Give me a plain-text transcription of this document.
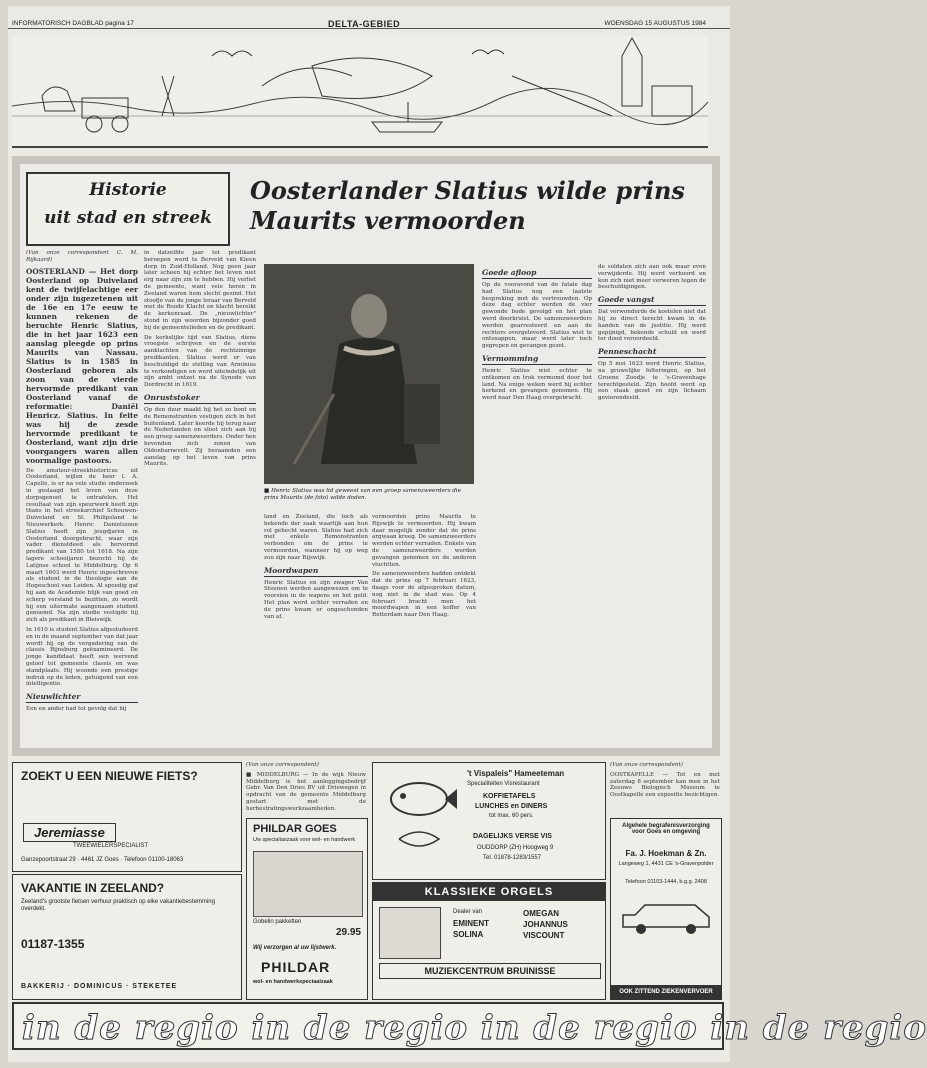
INFORMATORISCH DAGBLAD pagina 17	DELTA-GEBIED	WOENSDAG 15 AUGUSTUS 1984
Historie
uit stad en streek
Oosterlander Slatius wilde prins Maurits vermoorden

(Van onze correspondent C. M. Rijkaard)

OOSTERLAND — Het dorp Oosterland op Duiveland kent de twijfelachtige eer onder zijn ingezetenen uit de 16e en 17e eeuw te kunnen rekenen de beruchte Henric Slatius, die in het jaar 1623 een aanslag pleegde op prins Maurits van Nassau. Slatius is in 1585 in Oosterland geboren als zoon van de vierde hervormde predikant van Oosterland vanaf de reformatie: Daniël Henricz. Slatius. In feite was hij de zesde hervormde predikant te Oosterland, want zijn drie voorgangers waren allen voormalige pastoors.

De amateur-streekhistoricus uit Oosterland, wijlen de heer I. A. Capelle, is er na vele studie onderzoek in geslaagd het leven van deze dorpsgenoot te ontrafelen. Het resultaat van zijn speurwerk heeft zijn thans in het streekarchief Schouwen-Duiveland en St. Philipsland te Nieuwerkerk. Henric Danielszoon Slatius heeft zijn jeugdjaren in Oosterland doorgebracht, waar zijn vader dienstdeed als hervormd predikant van 1580 tot 1618. Na zijn lagere schooljaren bezocht hij de Latijnse school te Middelburg. Op 6 maart 1603 werd Henric ingeschreven als student in de theologie aan de Hogeschool van Leiden. Al spoedig gaf hij aan de Academie blijk van goed en scherp verstand te bezitten, zo wordt hij een uitermate aangenaam student genoemd. Na zijn studie vestigde hij zich als predikant in Bleiswijk.

In 1610 is student Slatius afgestudeerd en in de maand september van dat jaar wordt hij op de vergadering van de classis Rijnsburg geëxamineerd. De jonge kandidaat heeft een wervend geloof tot gemeente classis en was standplaats. Hij woonde een prestige indruk op de leden, getuigend van een intelligentie.

Nieuwlichter

Een en ander had tot gevolg dat hij

in datzelfde jaar tot predikant beroepen werd te Berveld van Kleen dorp in Zuid-Holland. Nog geen jaar later scheen hij echter het leven niet erg naar zijn zin te hebben. Hij verliet de gemeente, want vele heren in Zeeland waren hem slecht gezind. Het stoofje van de jonge leraar van Berveld met de Roode Klacht en klacht bereikt de kerkenraad. De „nieuwlichter" stond in zijn woorden bijzonder goed bij de gemeentelieden en de predikant.

De kerkelijke tijd van Slatius, diens vroegste schrijven en de eerste aanklachten van de rechtzinnige predikanten. Slatius werd er van beschuldigd de stelling van Arminius te verkondigen en werd uiteindelijk uit zijn ambt ontzet na de Synode van Dordrecht in 1619.

Onruststoker

Op den duur maakt hij het zo bont en de Remonstranten vestigen zich in het buitenland. Later keerde hij terug naar de Nederlanden en sloot zich aan bij een groep samenzweerders. Onder hen bevonden zich zonen van Oldenbarnevelt. Zij beraamden een aanslag op het leven van prins Maurits.

■ Henric Slatius was lid geweest van een groep samenzweerders die prins Maurits (de foto) wilde doden.

land en Zeeland, die toch als bekende der zaak waarlijk aan hun rol gehecht waren. Slatius had zich met enkele Remonstranten verbonden om de prins te vermoorden, wanneer hij op weg zou zijn naar Rijswijk.

Moordwapen

Henric Slatius en zijn zwager Van Steenen werden aangewezen om te voorzien in de wapens en het geld. Het plan werd echter verraden en de prins kwam er ongeschonden van af.

vermoorden prins Maurits te Rijswijk te vermoorden. Hij kwam daar mogelijk zonder dat de prins argwaan kreeg. De samenzweerders werden echter verraden. Enkele van de samenzweerders werden gevangen genomen en de anderen vluchtten.

De samenzweerders hadden ontdekt dat de prins op 7 februari 1623, daags voor de afgesproken datum, nog niet in de stad was. Op 4 februari bracht men het moordwapen in een koffer van Rotterdam naar Den Haag.

Goede afloop

Op de vooravond van de fatale dag had Slatius nog een laatste bespreking met de vertrouwden. Op deze dag echter werden de vier gewonde bode gevolgd en het plan werd doorkruist. De samenzweerders werden gearresteerd en aan de rechters overgeleverd. Slatius wist te ontsnappen, maar werd later toch gegrepen en gevangen gezet.

Vermomming

Henric Slatius wist echter te ontkomen en trok vermomd door het land. Na enige weken werd hij echter herkend en gevangen genomen. Hij werd naar Den Haag overgebracht.

de soldaten zich aan ook maar even verwijderde. Hij werd verhoord en kon zich niet meer verweren tegen de beschuldigingen.

Goede vangst

Dat verwonderde de kostelen niet dat hij zo direct terecht kwam in de handen van de justitie. Hij werd gepijnigd, bekende schuld en werd ter dood veroordeeld.

Penneschacht

Op 5 mei 1623 werd Henric Slatius, na gruwelijke folteringen, op het Groene Zoodje te 's-Gravenhage terechtgesteld. Zijn hoofd werd op een staak gezet en zijn lichaam gevierendeeld.

ZOEKT U EEN NIEUWE FIETS?
Jeremiasse
TWEEWIELERSPECIALIST
Ganzepoortstraat 29 · 4461 JZ Goes · Telefoon 01100-18063
VAKANTIE IN ZEELAND?
Zeeland's grootste fietsen verhuur praktisch op elke vakantiebestemming overdekt.
01187-1355
BAKKERIJ · DOMINICUS · STEKETEE

(Van onze correspondent)

■ MIDDELBURG — In de wijk Nieuw Middelburg is het aanleggingsbedrijf Gebr. Van Den Dries BV uit Driewegen in opdracht van de gemeente Middelburg gestart met de herbestratingswerkzaamheden.

PHILDAR GOES
Uw specialiaszaak voor wol- en handwerk
Gobelin pakketten
29.95
Wij verzorgen al uw lijstwerk.
PHILDAR
wol- en handwerkspeciaalzaak
't Vispaleis" Hameeteman
Specialiteiten Visrestaurant
KOFFIETAFELS
LUNCHES en DINERS
tot max. 60 pers.
DAGELIJKS VERSE VIS
OUDDORP (ZH) Hoogweg 9
Tel. 01878-1283/1557
KLASSIEKE ORGELS
Dealer van
EMINENT
SOLINA
OMEGAN
JOHANNUS
VISCOUNT
MUZIEKCENTRUM BRUINISSE

(Van onze correspondent)

OOSTKAPELLE — Tot en met zaterdag 8 september kan men in het Zeeuws Biologisch Museum te Oostkapelle een expositie bezichtigen.

Algehele begrafenisverzorging voor Goes en omgeving
Fa. J. Hoekman & Zn.
Langeweg 1, 4431 CE 's-Gravenpolder
Telefoon 01103-1444, b.g.g. 2408
OOK ZITTEND ZIEKENVERVOER
in de regio in de regio in de regio in de regio
